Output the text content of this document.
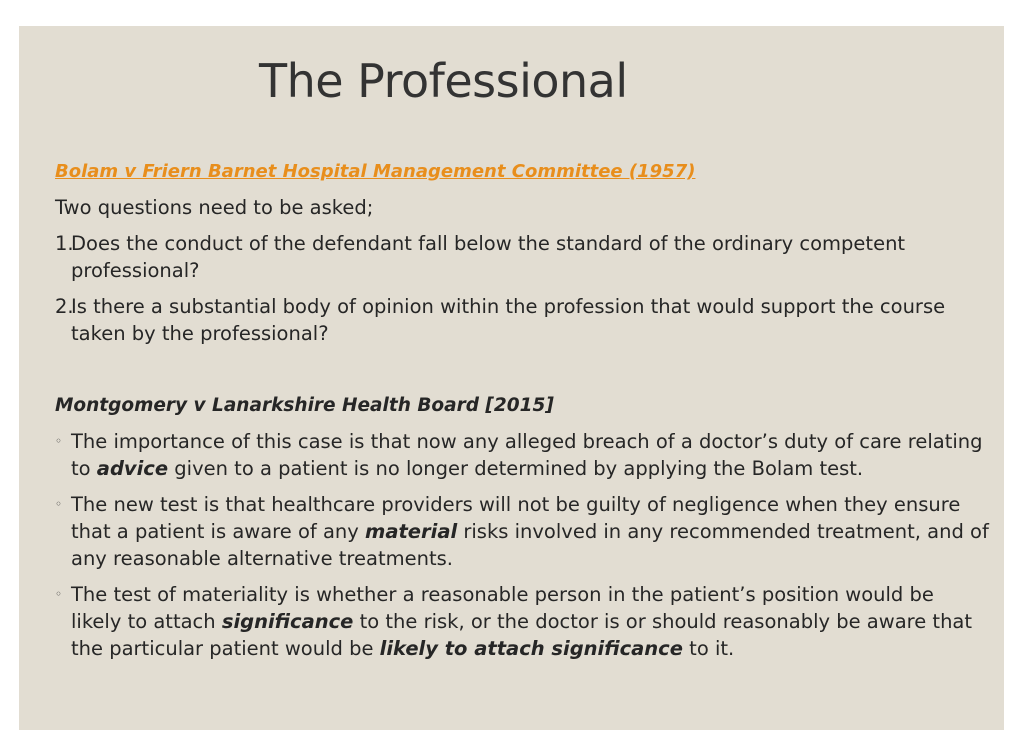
The Professional
Bolam v Friern Barnet Hospital Management Committee (1957)
Two questions need to be asked;
1.
Does the conduct of the defendant fall below the standard of the ordinary competent professional?
2.
Is there a substantial body of opinion within the profession that would support the course taken by the professional?
Montgomery v Lanarkshire Health Board [2015]
◦ The importance of this case is that now any alleged breach of a doctor’s duty of care relating to advice given to a patient is no longer determined by applying the Bolam test.
◦ The new test is that healthcare providers will not be guilty of negligence when they ensure that a patient is aware of any material risks involved in any recommended treatment, and of any reasonable alternative treatments.
◦ The test of materiality is whether a reasonable person in the patient’s position would be likely to attach significance to the risk, or the doctor is or should reasonably be aware that the particular patient would be likely to attach significance to it.
